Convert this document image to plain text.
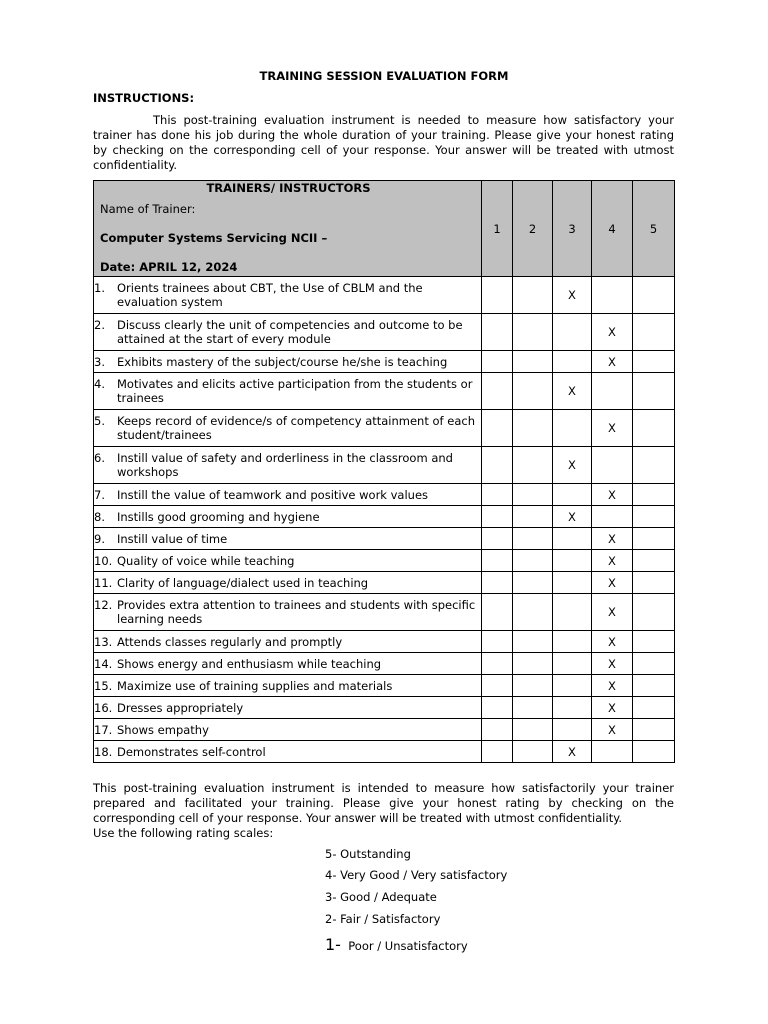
TRAINING SESSION EVALUATION FORM
INSTRUCTIONS:

This post-training evaluation instrument is needed to measure how satisfactory your trainer has done his job during the whole duration of your training. Please give your honest rating by checking on the corresponding cell of your response. Your answer will be treated with utmost confidentiality.

TRAINERS/ INSTRUCTORS
Name of Trainer:
Computer Systems Servicing NCII –
Date: APRIL 12, 2024	1	2	3	4	5

1. Orients trainees about CBT, the Use of CBLM and the evaluation system			X		

2. Discuss clearly the unit of competencies and outcome to be attained at the start of every module				X	

3. Exhibits mastery of the subject/course he/she is teaching				X	

4. Motivates and elicits active participation from the students or trainees			X		

5. Keeps record of evidence/s of competency attainment of each student/trainees				X	

6. Instill value of safety and orderliness in the classroom and workshops			X		

7. Instill the value of teamwork and positive work values				X	

8. Instills good grooming and hygiene			X		

9. Instill value of time				X	

10. Quality of voice while teaching				X	

11. Clarity of language/dialect used in teaching				X	

12. Provides extra attention to trainees and students with specific learning needs				X	

13. Attends classes regularly and promptly				X	

14. Shows energy and enthusiasm while teaching				X	

15. Maximize use of training supplies and materials				X	

16. Dresses appropriately				X	

17. Shows empathy				X	

18. Demonstrates self-control			X		

This post-training evaluation instrument is intended to measure how satisfactorily your trainer prepared and facilitated your training. Please give your honest rating by checking on the corresponding cell of your response. Your answer will be treated with utmost confidentiality.
Use the following rating scales:

5- Outstanding
4- Very Good / Very satisfactory
3- Good / Adequate
2- Fair / Satisfactory
1- Poor / Unsatisfactory
